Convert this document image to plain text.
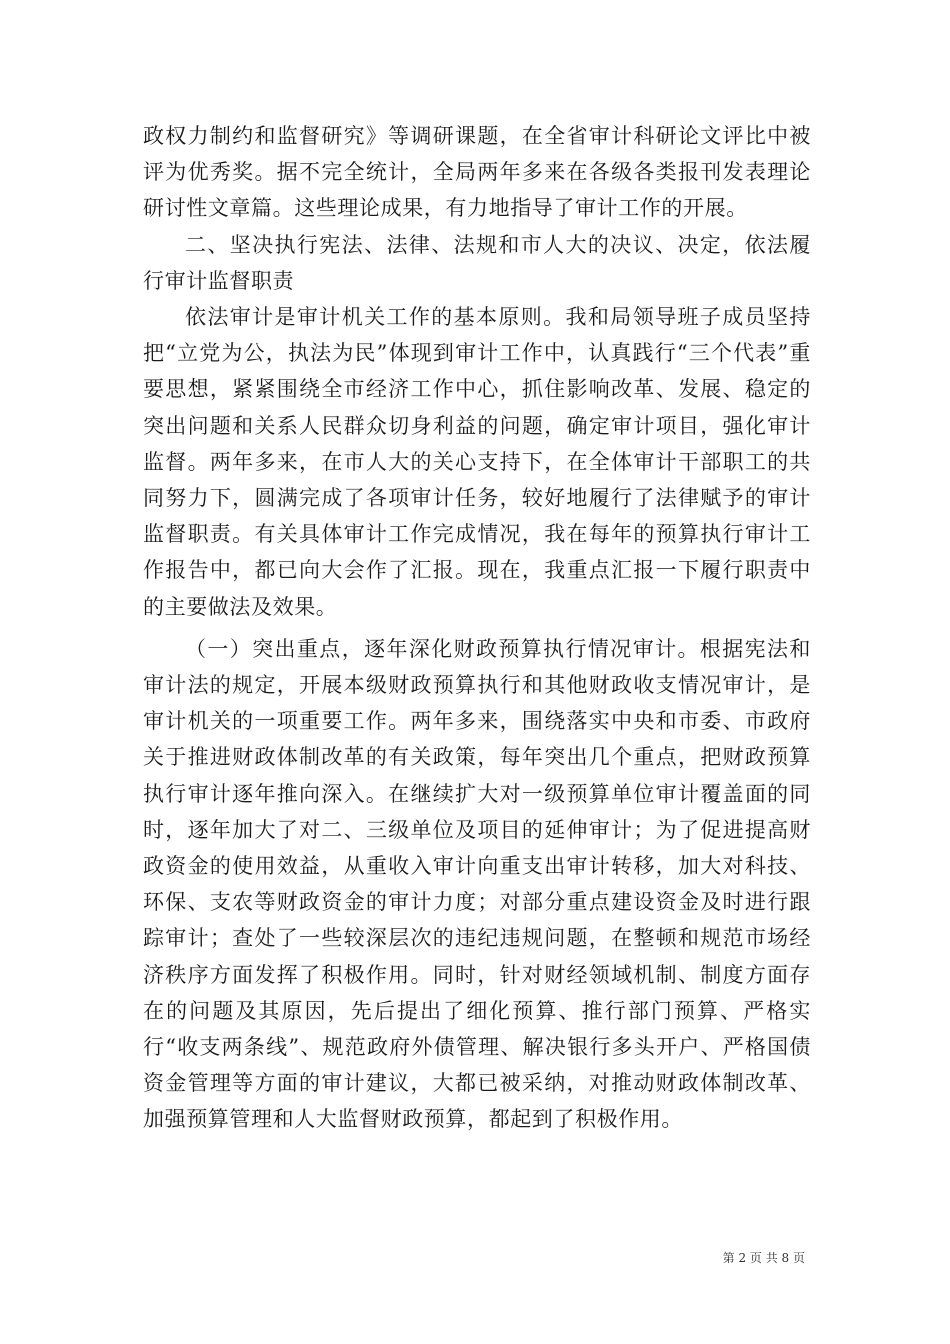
政权力制约和监督研究》等调研课题，在全省审计科研论文评比中被评为优秀奖。据不完全统计，全局两年多来在各级各类报刊发表理论研讨性文章篇。这些理论成果，有力地指导了审计工作的开展。

二、坚决执行宪法、法律、法规和市人大的决议、决定，依法履行审计监督职责

依法审计是审计机关工作的基本原则。我和局领导班子成员坚持把“立党为公，执法为民”体现到审计工作中，认真践行“三个代表”重要思想，紧紧围绕全市经济工作中心，抓住影响改革、发展、稳定的突出问题和关系人民群众切身利益的问题，确定审计项目，强化审计监督。两年多来，在市人大的关心支持下，在全体审计干部职工的共同努力下，圆满完成了各项审计任务，较好地履行了法律赋予的审计监督职责。有关具体审计工作完成情况，我在每年的预算执行审计工作报告中，都已向大会作了汇报。现在，我重点汇报一下履行职责中的主要做法及效果。

（一）突出重点，逐年深化财政预算执行情况审计。根据宪法和审计法的规定，开展本级财政预算执行和其他财政收支情况审计，是审计机关的一项重要工作。两年多来，围绕落实中央和市委、市政府关于推进财政体制改革的有关政策，每年突出几个重点，把财政预算执行审计逐年推向深入。在继续扩大对一级预算单位审计覆盖面的同时，逐年加大了对二、三级单位及项目的延伸审计；为了促进提高财政资金的使用效益，从重收入审计向重支出审计转移，加大对科技、环保、支农等财政资金的审计力度；对部分重点建设资金及时进行跟踪审计；查处了一些较深层次的违纪违规问题，在整顿和规范市场经济秩序方面发挥了积极作用。同时，针对财经领域机制、制度方面存在的问题及其原因，先后提出了细化预算、推行部门预算、严格实行“收支两条线”、规范政府外债管理、解决银行多头开户、严格国债资金管理等方面的审计建议，大都已被采纳，对推动财政体制改革、加强预算管理和人大监督财政预算，都起到了积极作用。

第 2 页 共 8 页
